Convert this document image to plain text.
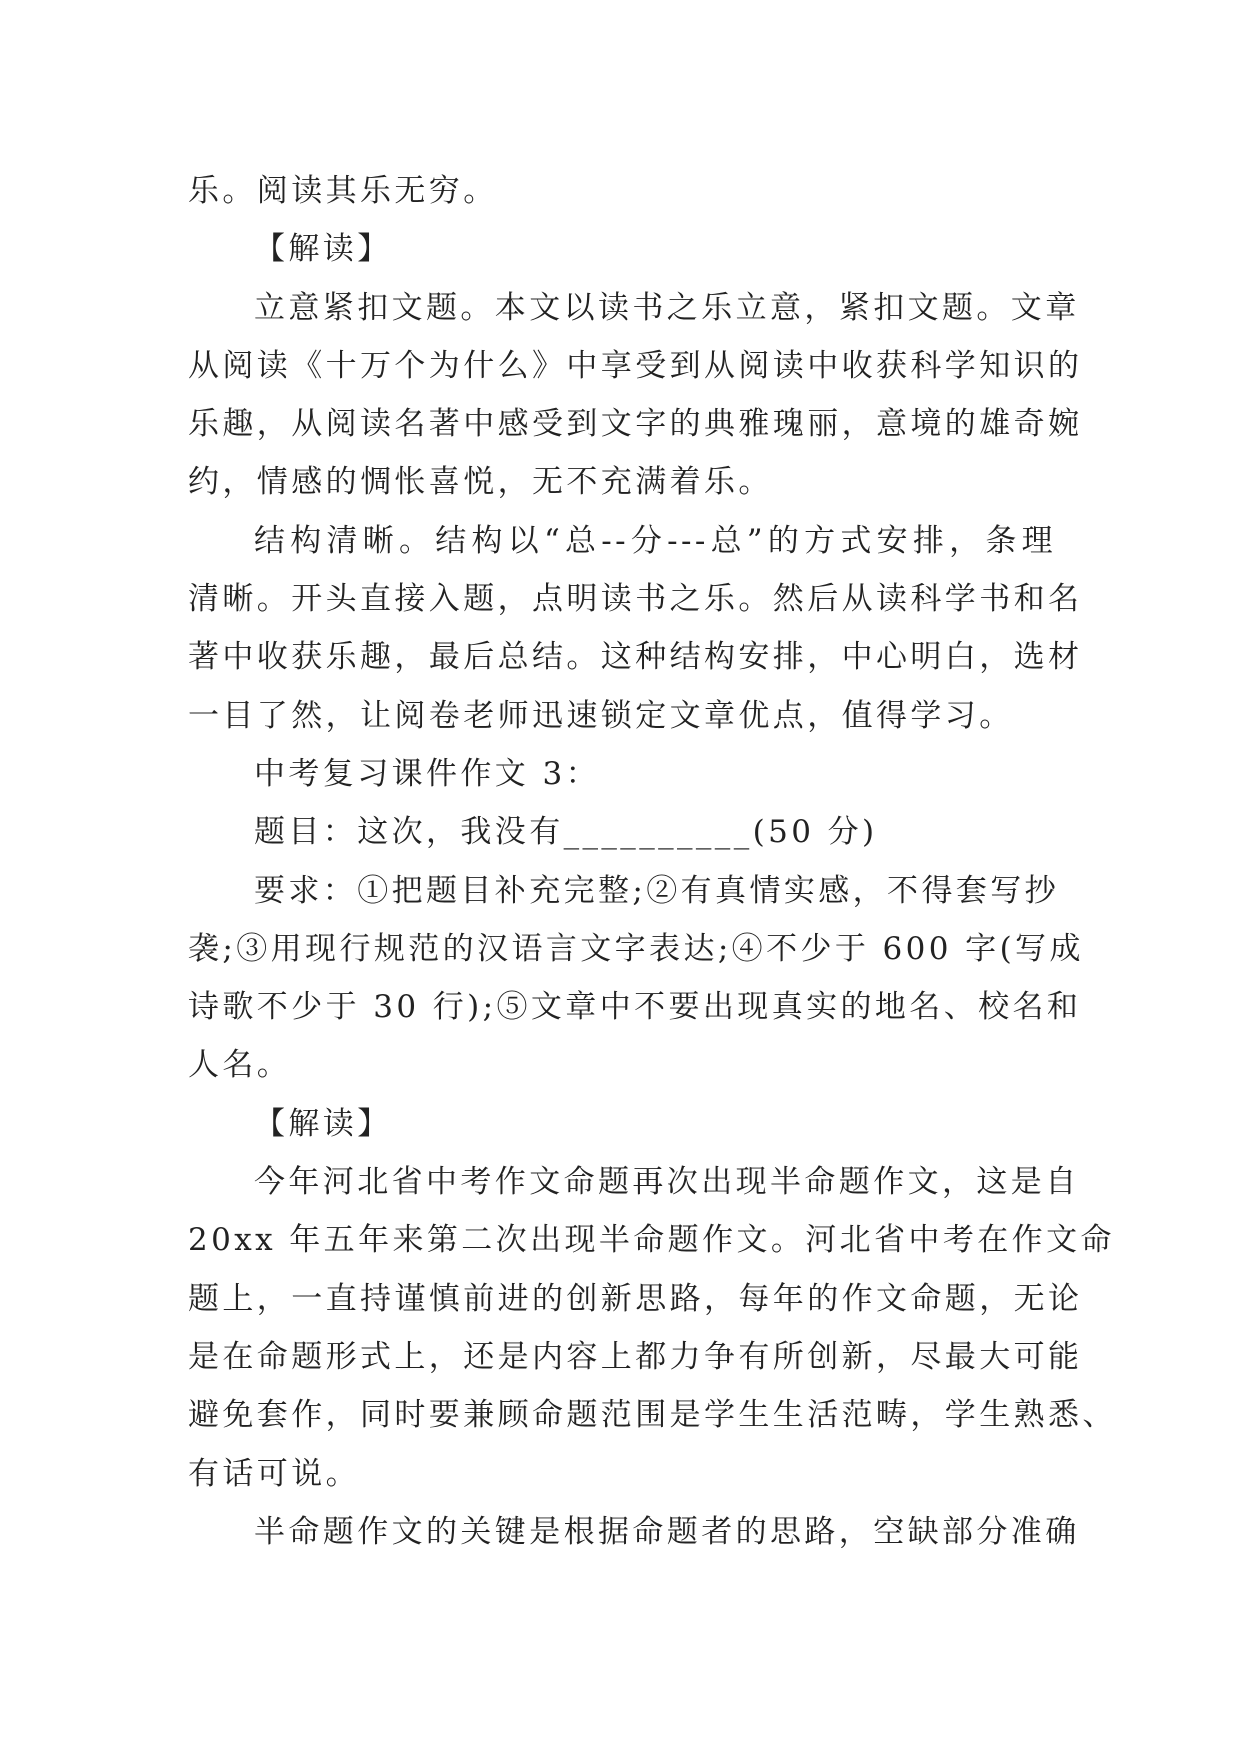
乐。阅读其乐无穷。
【解读】
立意紧扣文题。本文以读书之乐立意，紧扣文题。文章
从阅读《十万个为什么》中享受到从阅读中收获科学知识的
乐趣，从阅读名著中感受到文字的典雅瑰丽，意境的雄奇婉
约，情感的惆怅喜悦，无不充满着乐。
结构清晰。结构以“总--分---总”的方式安排，条理
清晰。开头直接入题，点明读书之乐。然后从读科学书和名
著中收获乐趣，最后总结。这种结构安排，中心明白，选材
一目了然，让阅卷老师迅速锁定文章优点，值得学习。
中考复习课件作文 3：
题目：这次，我没有__________(50 分)
要求：①把题目补充完整;②有真情实感，不得套写抄
袭;③用现行规范的汉语言文字表达;④不少于 600 字(写成
诗歌不少于 30 行);⑤文章中不要出现真实的地名、校名和
人名。
【解读】
今年河北省中考作文命题再次出现半命题作文，这是自
20xx 年五年来第二次出现半命题作文。河北省中考在作文命
题上，一直持谨慎前进的创新思路，每年的作文命题，无论
是在命题形式上，还是内容上都力争有所创新，尽最大可能
避免套作，同时要兼顾命题范围是学生生活范畴，学生熟悉、
有话可说。
半命题作文的关键是根据命题者的思路，空缺部分准确
